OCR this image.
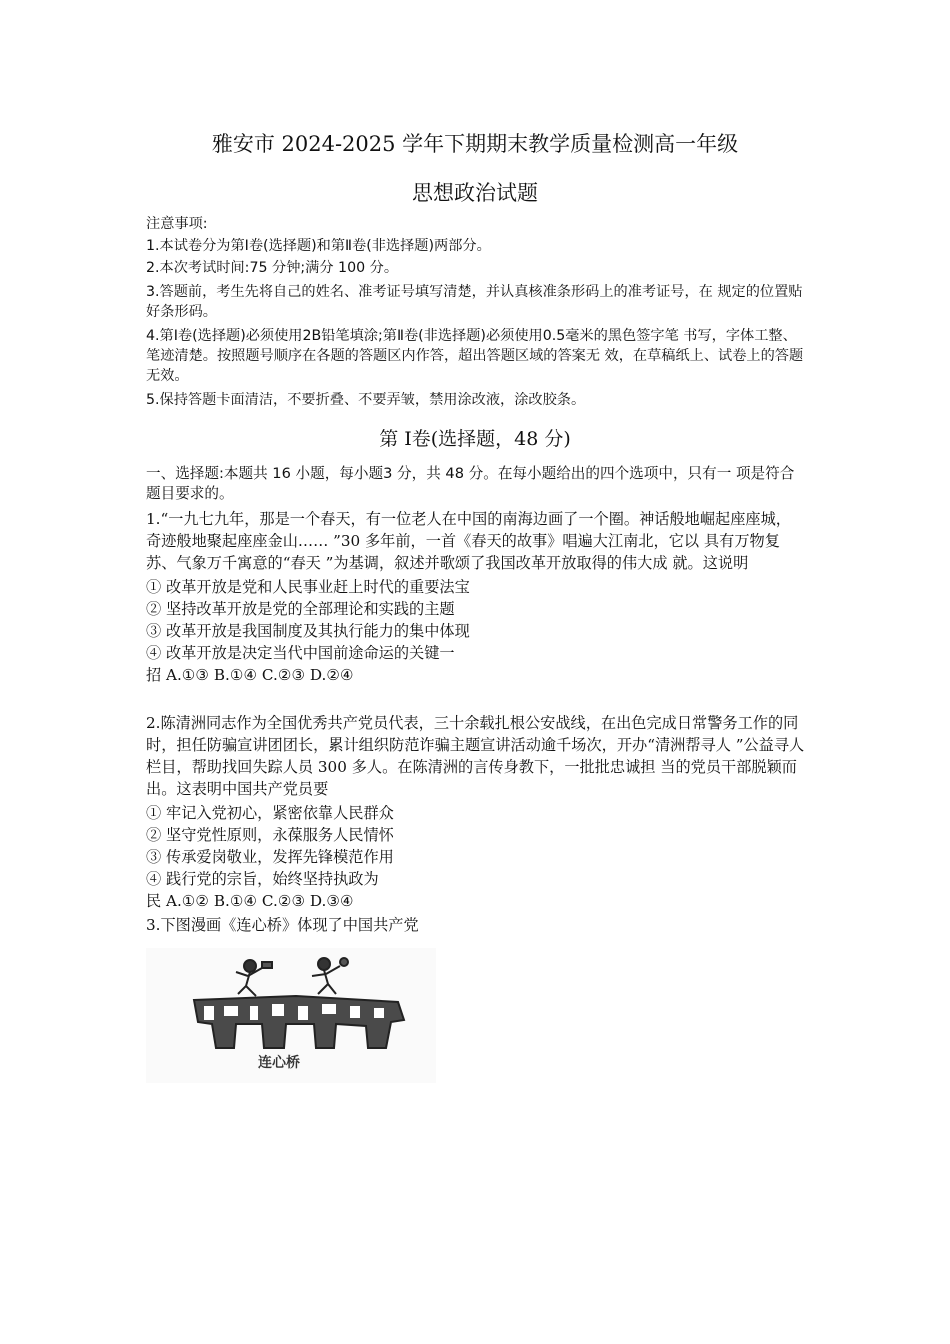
雅安市 2024-2025 学年下期期末教学质量检测高一年级
思想政治试题

注意事项:

1.本试卷分为第Ⅰ卷(选择题)和第Ⅱ卷(非选择题)两部分。

2.本次考试时间:75 分钟;满分 100 分。

3.答题前，考生先将自己的姓名、准考证号填写清楚，并认真核准条形码上的准考证号，在 规定的位置贴好条形码。

4.第Ⅰ卷(选择题)必须使用2B铅笔填涂;第Ⅱ卷(非选择题)必须使用0.5毫米的黑色签字笔 书写，字体工整、笔迹清楚。按照题号顺序在各题的答题区内作答，超出答题区域的答案无 效，在草稿纸上、试卷上的答题无效。

5.保持答题卡面清洁，不要折叠、不要弄皱，禁用涂改液，涂改胶条。

第 Ⅰ卷(选择题，48 分)
一、选择题:本题共 16 小题，每小题3 分，共 48 分。在每小题给出的四个选项中，只有一 项是符合题目要求的。

1.“一九七九年，那是一个春天，有一位老人在中国的南海边画了一个圈。神话般地崛起座座城，奇迹般地聚起座座金山…… ”30 多年前，一首《春天的故事》唱遍大江南北，它以 具有万物复苏、气象万千寓意的“春天 ”为基调，叙述并歌颂了我国改革开放取得的伟大成 就。这说明

① 改革开放是党和人民事业赶上时代的重要法宝

② 坚持改革开放是党的全部理论和实践的主题

③ 改革开放是我国制度及其执行能力的集中体现

④ 改革开放是决定当代中国前途命运的关键一

招 A.①③ B.①④ C.②③ D.②④

2.陈清洲同志作为全国优秀共产党员代表，三十余载扎根公安战线，在出色完成日常警务工作的同时，担任防骗宣讲团团长，累计组织防范诈骗主题宣讲活动逾千场次，开办“清洲帮寻人 ”公益寻人栏目，帮助找回失踪人员 300 多人。在陈清洲的言传身教下，一批批忠诚担 当的党员干部脱颖而出。这表明中国共产党员要

① 牢记入党初心，紧密依靠人民群众

② 坚守党性原则，永葆服务人民情怀

③ 传承爱岗敬业，发挥先锋模范作用

④ 践行党的宗旨，始终坚持执政为

民 A.①② B.①④ C.②③ D.③④

3.下图漫画《连心桥》体现了中国共产党

连心桥
